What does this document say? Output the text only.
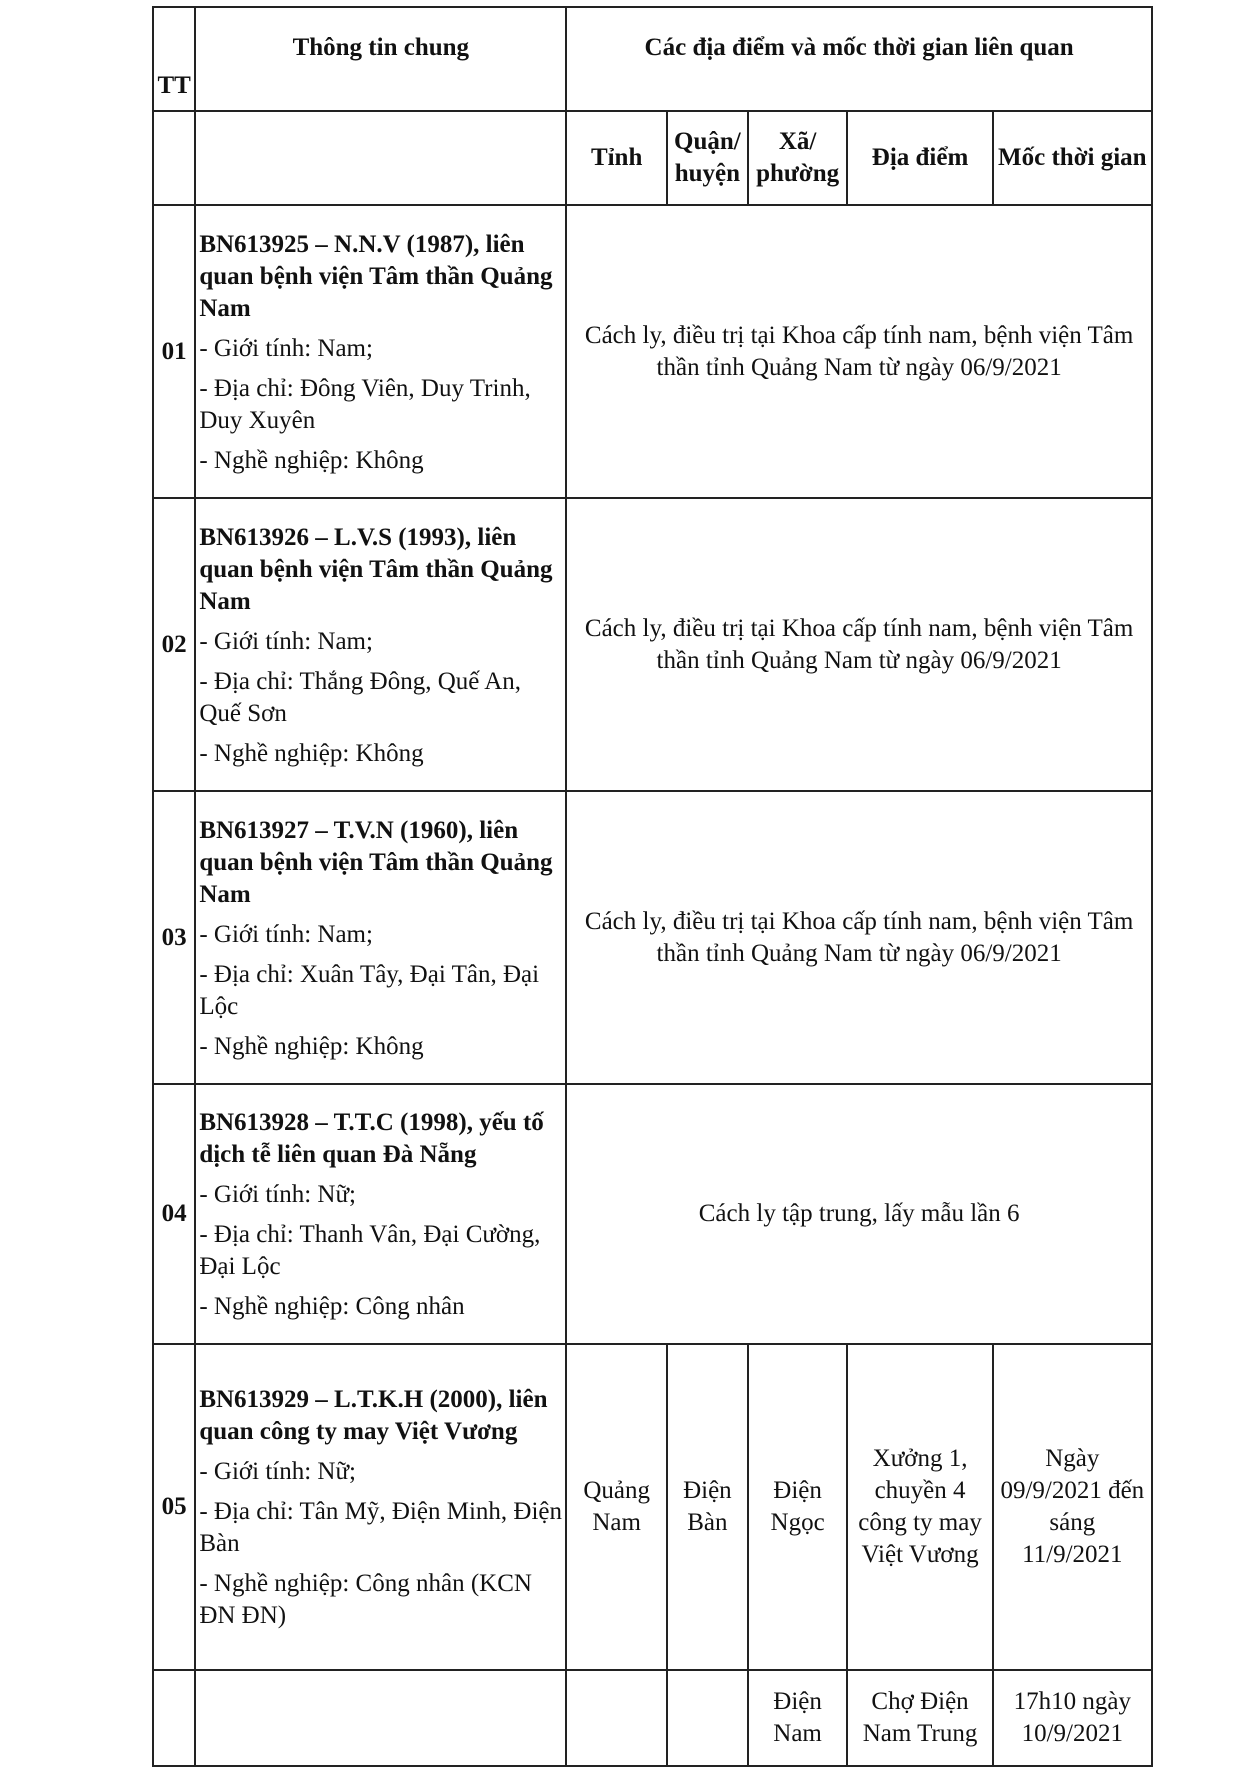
TT	Thông tin chung	Các địa điểm và mốc thời gian liên quan				
		Tỉnh	Quận/ huyện	Xã/ phường	Địa điểm	Mốc thời gian
01	BN613925 – N.N.V (1987), liên quan bệnh viện Tâm thần Quảng Nam
- Giới tính: Nam;
- Địa chỉ: Đông Viên, Duy Trinh, Duy Xuyên
- Nghề nghiệp: Không	Cách ly, điều trị tại Khoa cấp tính nam, bệnh viện Tâm thần tỉnh Quảng Nam từ ngày 06/9/2021				
02	BN613926 – L.V.S (1993), liên quan bệnh viện Tâm thần Quảng Nam
- Giới tính: Nam;
- Địa chỉ: Thắng Đông, Quế An, Quế Sơn
- Nghề nghiệp: Không	Cách ly, điều trị tại Khoa cấp tính nam, bệnh viện Tâm thần tỉnh Quảng Nam từ ngày 06/9/2021				
03	BN613927 – T.V.N (1960), liên quan bệnh viện Tâm thần Quảng Nam
- Giới tính: Nam;
- Địa chỉ: Xuân Tây, Đại Tân, Đại Lộc
- Nghề nghiệp: Không	Cách ly, điều trị tại Khoa cấp tính nam, bệnh viện Tâm thần tỉnh Quảng Nam từ ngày 06/9/2021				
04	BN613928 – T.T.C (1998), yếu tố dịch tễ liên quan Đà Nẵng
- Giới tính: Nữ;
- Địa chỉ: Thanh Vân, Đại Cường, Đại Lộc
- Nghề nghiệp: Công nhân	Cách ly tập trung, lấy mẫu lần 6				
05	BN613929 – L.T.K.H (2000), liên quan công ty may Việt Vương
- Giới tính: Nữ;
- Địa chỉ: Tân Mỹ, Điện Minh, Điện Bàn
- Nghề nghiệp: Công nhân (KCN ĐN ĐN)	Quảng Nam	Điện Bàn	Điện Ngọc	Xưởng 1, chuyền 4 công ty may Việt Vương	Ngày 09/9/2021 đến sáng 11/9/2021
				Điện Nam	Chợ Điện Nam Trung	17h10 ngày 10/9/2021
